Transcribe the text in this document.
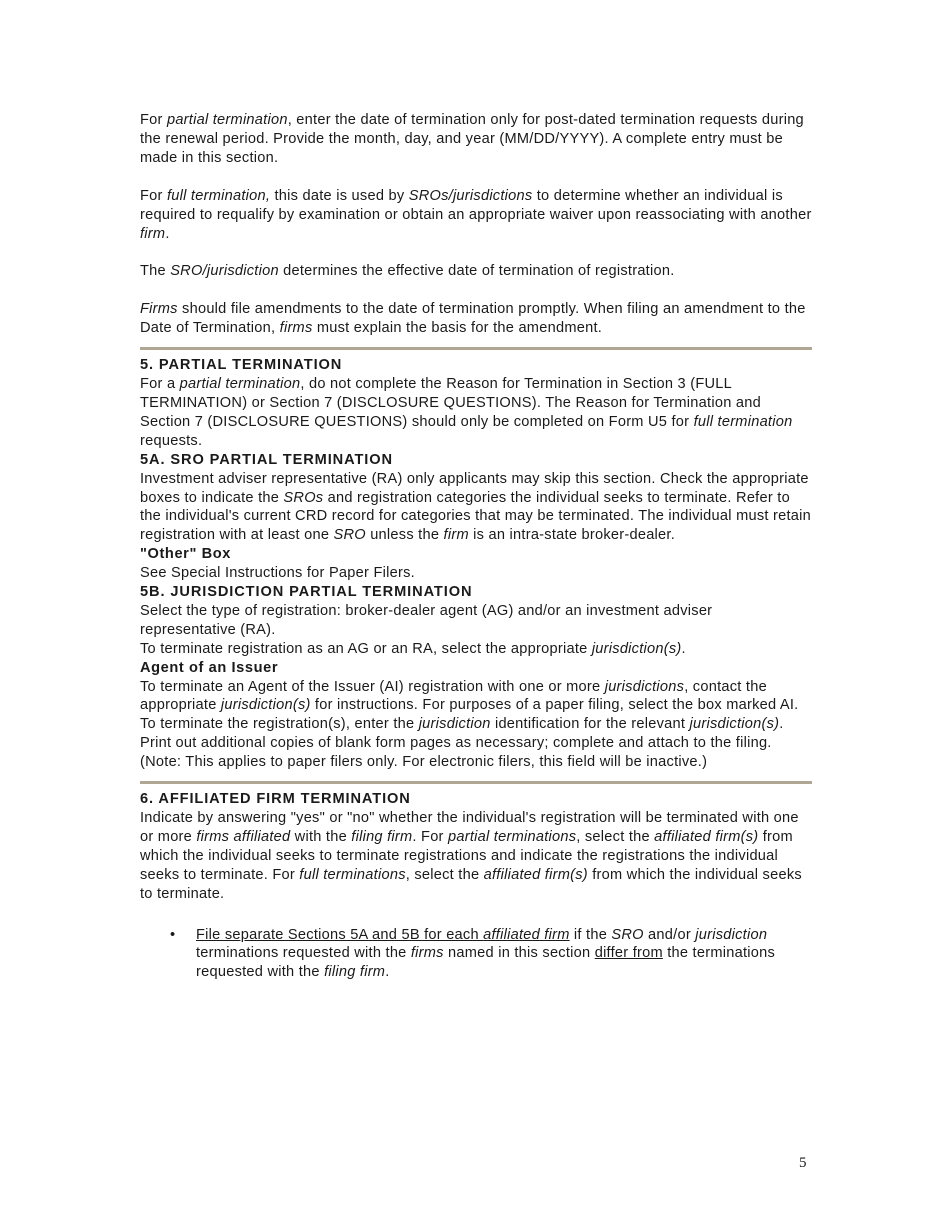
For partial termination, enter the date of termination only for post-dated termination requests during the renewal period. Provide the month, day, and year (MM/DD/YYYY). A complete entry must be made in this section.

For full termination, this date is used by SROs/jurisdictions to determine whether an individual is required to requalify by examination or obtain an appropriate waiver upon reassociating with another firm.

The SRO/jurisdiction determines the effective date of termination of registration.

Firms should file amendments to the date of termination promptly. When filing an amendment to the Date of Termination, firms must explain the basis for the amendment.

5. PARTIAL TERMINATION

For a partial termination, do not complete the Reason for Termination in Section 3 (FULL TERMINATION) or Section 7 (DISCLOSURE QUESTIONS). The Reason for Termination and Section 7 (DISCLOSURE QUESTIONS) should only be completed on Form U5 for full termination requests.

5A. SRO PARTIAL TERMINATION

Investment adviser representative (RA) only applicants may skip this section. Check the appropriate boxes to indicate the SROs and registration categories the individual seeks to terminate. Refer to the individual's current CRD record for categories that may be terminated. The individual must retain registration with at least one SRO unless the firm is an intra-state broker-dealer.

"Other" Box

See Special Instructions for Paper Filers.

5B. JURISDICTION PARTIAL TERMINATION

Select the type of registration: broker-dealer agent (AG) and/or an investment adviser representative (RA).

To terminate registration as an AG or an RA, select the appropriate jurisdiction(s).

Agent of an Issuer

To terminate an Agent of the Issuer (AI) registration with one or more jurisdictions, contact the appropriate jurisdiction(s) for instructions. For purposes of a paper filing, select the box marked AI. To terminate the registration(s), enter the jurisdiction identification for the relevant jurisdiction(s). Print out additional copies of blank form pages as necessary; complete and attach to the filing. (Note: This applies to paper filers only. For electronic filers, this field will be inactive.)

6. AFFILIATED FIRM TERMINATION

Indicate by answering "yes" or "no" whether the individual's registration will be terminated with one or more firms affiliated with the filing firm. For partial terminations, select the affiliated firm(s) from which the individual seeks to terminate registrations and indicate the registrations the individual seeks to terminate. For full terminations, select the affiliated firm(s) from which the individual seeks to terminate.

• File separate Sections 5A and 5B for each affiliated firm if the SRO and/or jurisdiction terminations requested with the firms named in this section differ from the terminations requested with the filing firm.
5
